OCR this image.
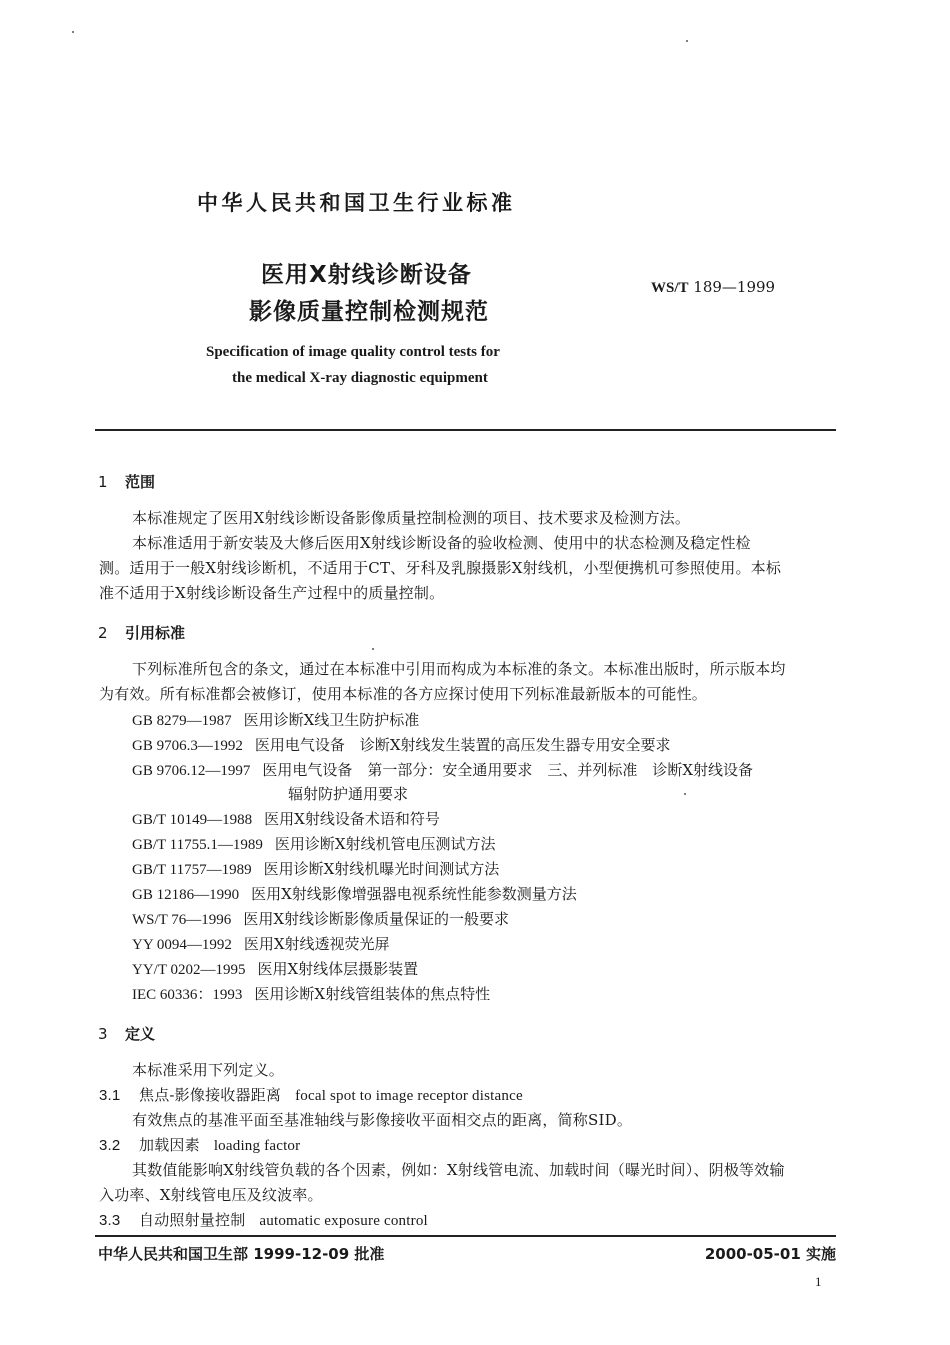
中华人民共和国卫生行业标准
医用X射线诊断设备
影像质量控制检测规范
WS/T 189—1999
Specification of image quality control tests for
the medical X-ray diagnostic equipment
1 范围
本标准规定了医用X射线诊断设备影像质量控制检测的项目、技术要求及检测方法。
本标准适用于新安装及大修后医用X射线诊断设备的验收检测、使用中的状态检测及稳定性检
测。适用于一般X射线诊断机，不适用于CT、牙科及乳腺摄影X射线机，小型便携机可参照使用。本标
准不适用于X射线诊断设备生产过程中的质量控制。
2 引用标准
下列标准所包含的条文，通过在本标准中引用而构成为本标准的条文。本标准出版时，所示版本均
为有效。所有标准都会被修订，使用本标准的各方应探讨使用下列标准最新版本的可能性。
GB 8279—1987 医用诊断X线卫生防护标准
GB 9706.3—1992 医用电气设备　诊断X射线发生装置的高压发生器专用安全要求
GB 9706.12—1997 医用电气设备　第一部分：安全通用要求　三、并列标准　诊断X射线设备
辐射防护通用要求
GB/T 10149—1988 医用X射线设备术语和符号
GB/T 11755.1—1989 医用诊断X射线机管电压测试方法
GB/T 11757—1989 医用诊断X射线机曝光时间测试方法
GB 12186—1990 医用X射线影像增强器电视系统性能参数测量方法
WS/T 76—1996 医用X射线诊断影像质量保证的一般要求
YY 0094—1992 医用X射线透视荧光屏
YY/T 0202—1995 医用X射线体层摄影装置
IEC 60336：1993 医用诊断X射线管组装体的焦点特性
3 定义
本标准采用下列定义。
3.1 焦点-影像接收器距离 focal spot to image receptor distance
有效焦点的基准平面至基准轴线与影像接收平面相交点的距离，简称SID。
3.2 加载因素 loading factor
其数值能影响X射线管负载的各个因素，例如：X射线管电流、加载时间（曝光时间）、阴极等效输
入功率、X射线管电压及纹波率。
3.3 自动照射量控制 automatic exposure control
中华人民共和国卫生部 1999-12-09 批准	2000-05-01 实施
1
